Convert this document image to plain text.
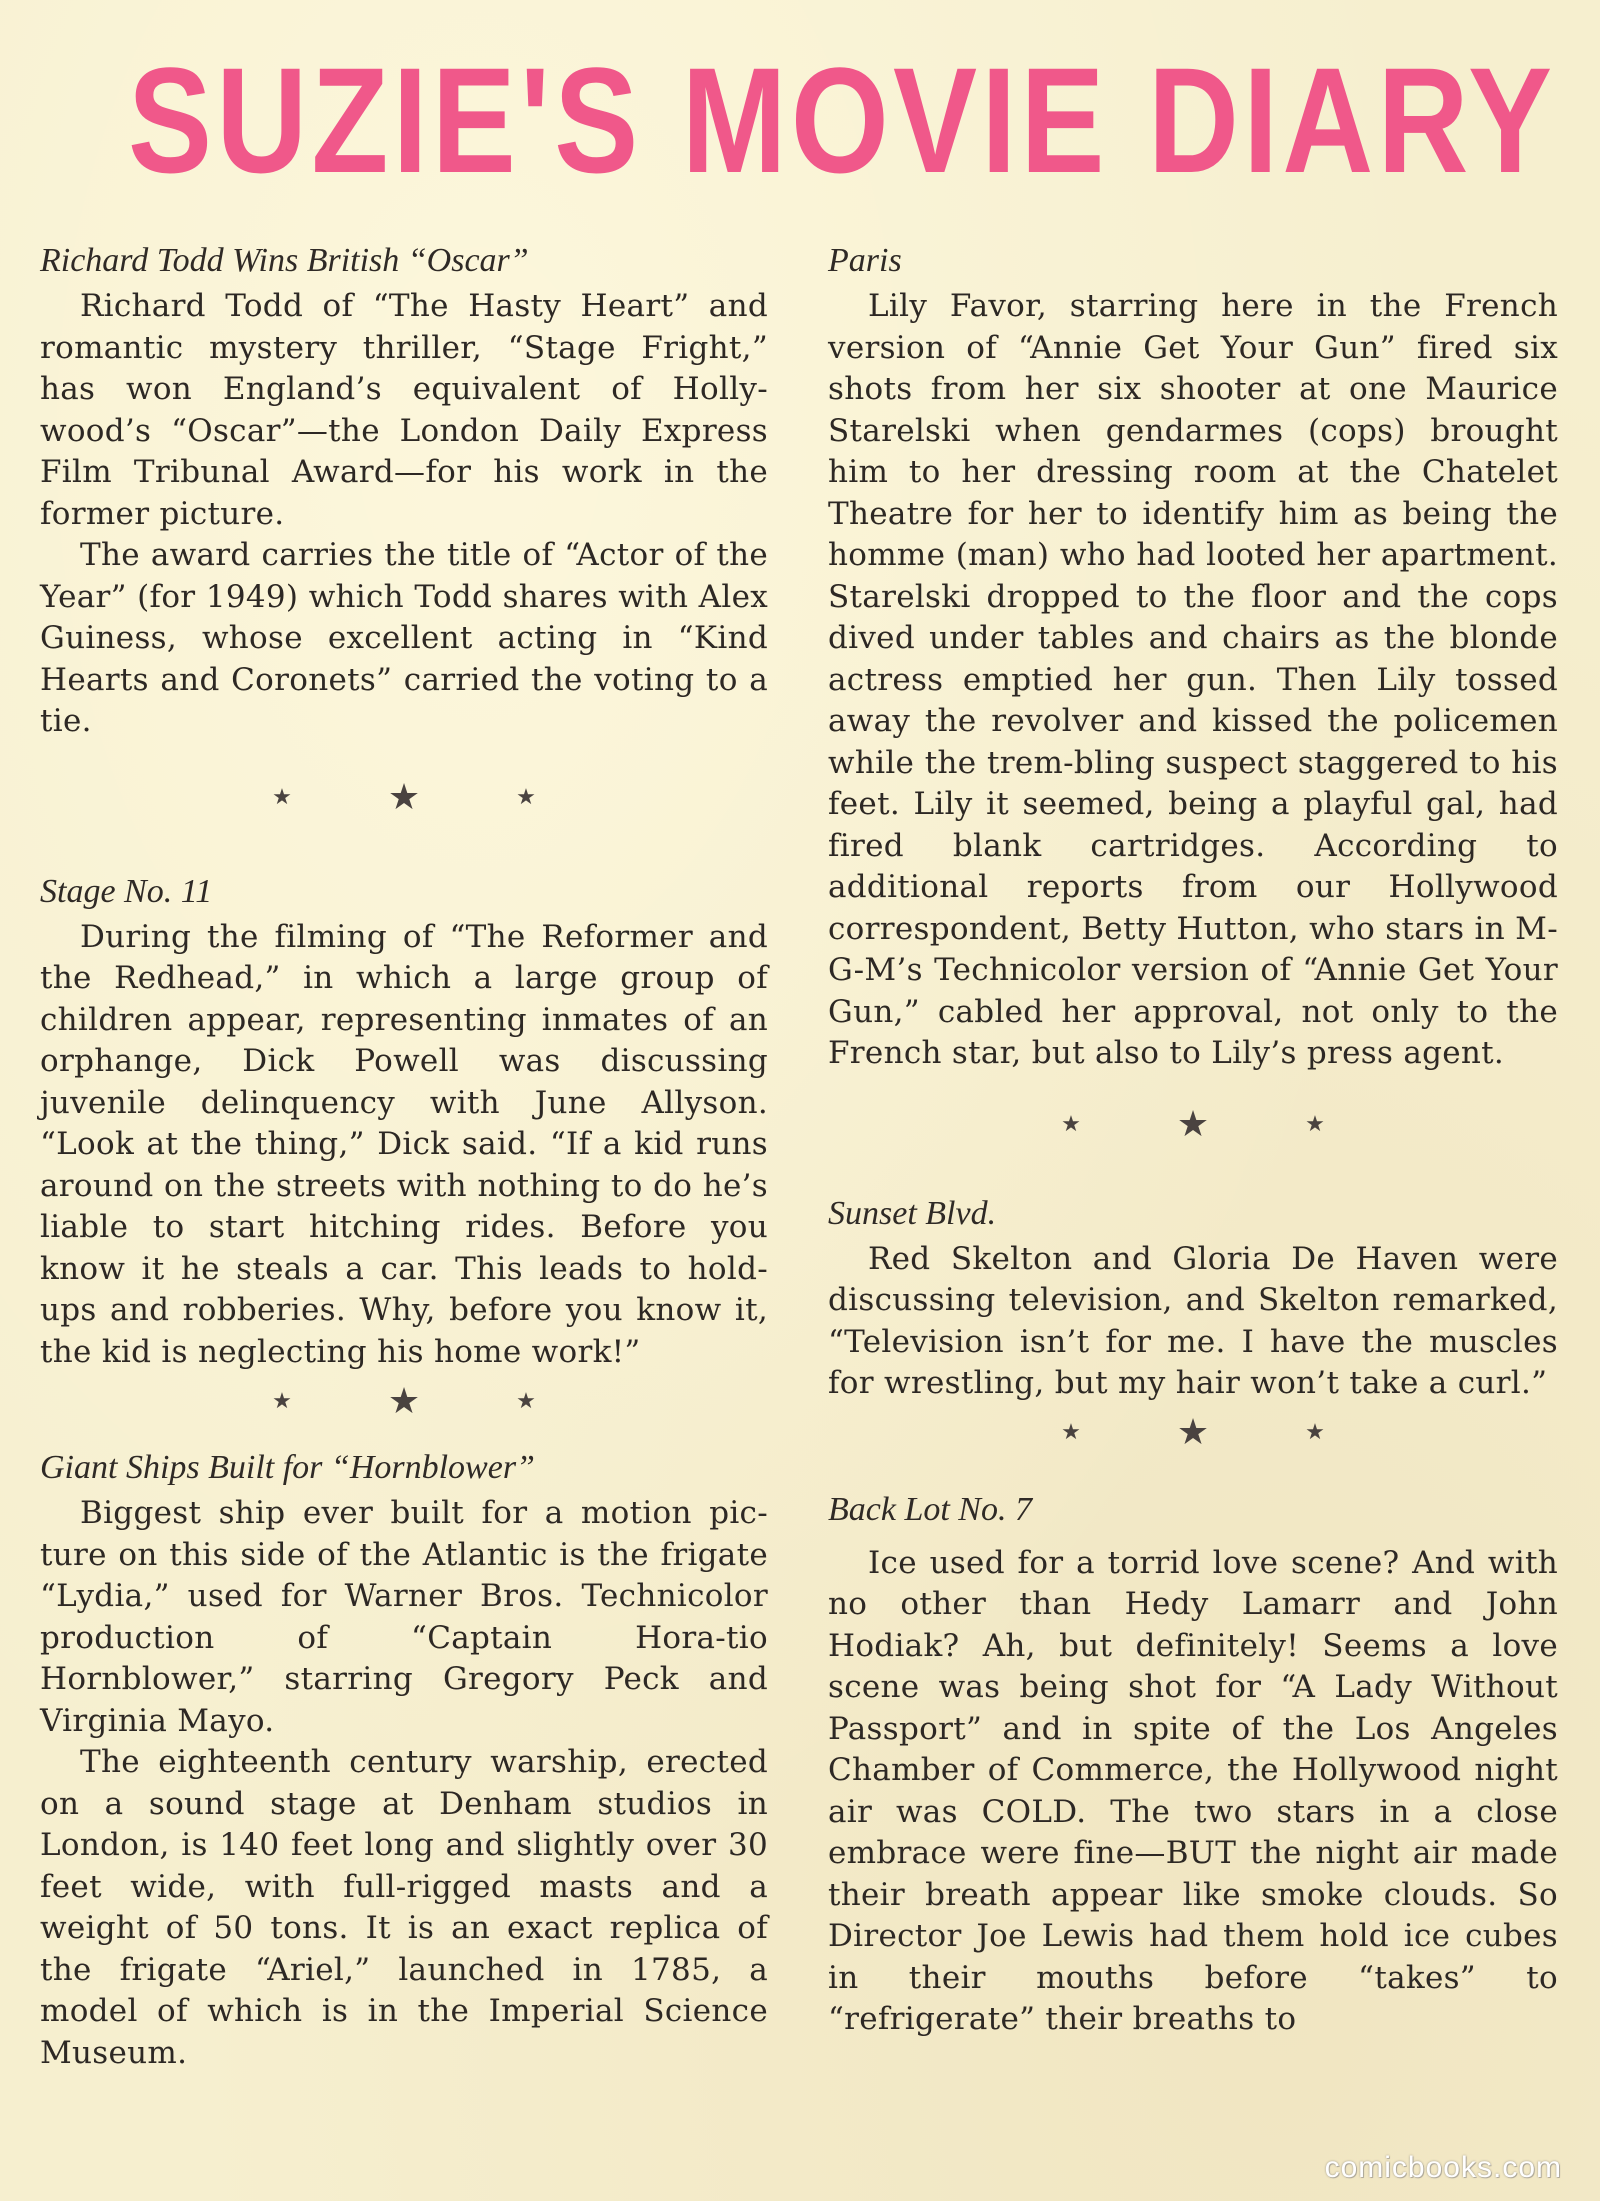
SUZIE'S MOVIE DIARY
Richard Todd Wins British “Oscar”

Richard Todd of “The Hasty Heart” and romantic mystery thriller, “Stage Fright,” has won England’s equivalent of Holly-wood’s “Oscar”—the London Daily Express Film Tribunal Award—for his work in the former picture.

The award carries the title of “Actor of the Year” (for 1949) which Todd shares with Alex Guiness, whose excellent acting in “Kind Hearts and Coronets” carried the voting to a tie.

★	★	★
Stage No. 11

During the filming of “The Reformer and the Redhead,” in which a large group of children appear, representing inmates of an orphange, Dick Powell was discussing juvenile delinquency with June Allyson. “Look at the thing,” Dick said. “If a kid runs around on the streets with nothing to do he’s liable to start hitching rides. Before you know it he steals a car. This leads to hold-ups and robberies. Why, before you know it, the kid is neglecting his home work!”

★	★	★
Giant Ships Built for “Hornblower”

Biggest ship ever built for a motion pic-ture on this side of the Atlantic is the frigate “Lydia,” used for Warner Bros. Technicolor production of “Captain Hora-tio Hornblower,” starring Gregory Peck and Virginia Mayo.

The eighteenth century warship, erected on a sound stage at Denham studios in London, is 140 feet long and slightly over 30 feet wide, with full-rigged masts and a weight of 50 tons. It is an exact replica of the frigate “Ariel,” launched in 1785, a model of which is in the Imperial Science Museum.

Paris

Lily Favor, starring here in the French version of “Annie Get Your Gun” fired six shots from her six shooter at one Maurice Starelski when gendarmes (cops) brought him to her dressing room at the Chatelet Theatre for her to identify him as being the homme (man) who had looted her apartment. Starelski dropped to the floor and the cops dived under tables and chairs as the blonde actress emptied her gun. Then Lily tossed away the revolver and kissed the policemen while the trem-bling suspect staggered to his feet. Lily it seemed, being a playful gal, had fired blank cartridges. According to additional reports from our Hollywood correspondent, Betty Hutton, who stars in M-G-M’s Technicolor version of “Annie Get Your Gun,” cabled her approval, not only to the French star, but also to Lily’s press agent.

★	★	★
Sunset Blvd.

Red Skelton and Gloria De Haven were discussing television, and Skelton remarked, “Television isn’t for me. I have the muscles for wrestling, but my hair won’t take a curl.”

★	★	★
Back Lot No. 7

Ice used for a torrid love scene? And with no other than Hedy Lamarr and John Hodiak? Ah, but definitely! Seems a love scene was being shot for “A Lady Without Passport” and in spite of the Los Angeles Chamber of Commerce, the Hollywood night air was COLD. The two stars in a close embrace were fine—BUT the night air made their breath appear like smoke clouds. So Director Joe Lewis had them hold ice cubes in their mouths before “takes” to “refrigerate” their breaths to

comicbooks.com
